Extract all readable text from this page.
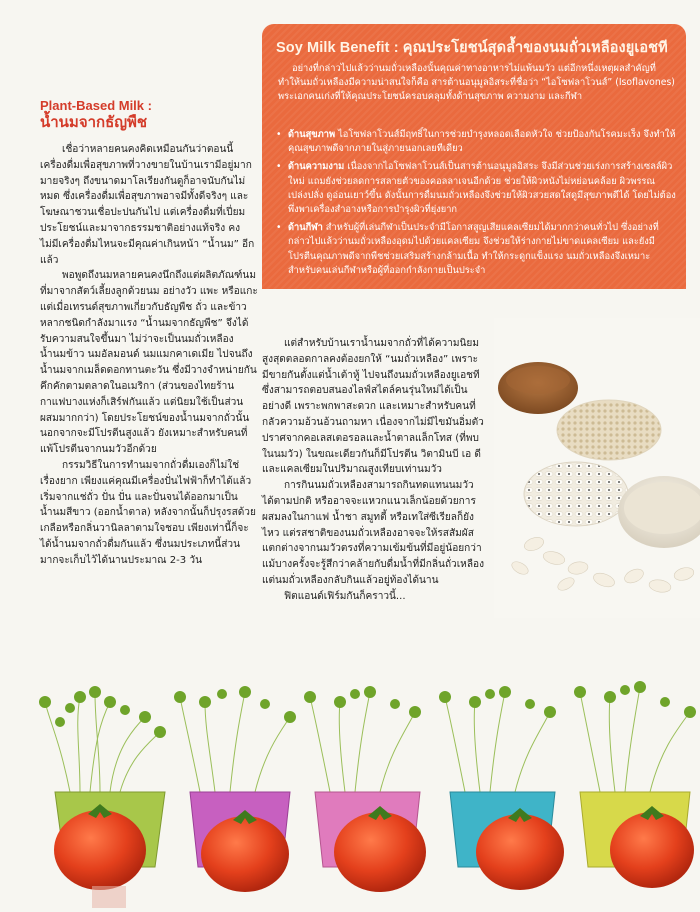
Plant-Based Milk :
น้ำนมจากธัญพืช

เชื่อว่าหลายคนคงคิดเหมือนกันว่าตอนนี้เครื่องดื่มเพื่อสุขภาพที่วางขายในบ้านเรามีอยู่มากมายจริงๆ ถึงขนาดมาโลเรียงกันดูก็อาจนับกันไม่หมด ซึ่งเครื่องดื่มเพื่อสุขภาพอาจมีทั้งดีจริงๆ และโฆษณาชวนเชื่อปะปนกันไป แต่เครื่องดื่มที่เปี่ยมประโยชน์และมาจากธรรมชาติอย่างแท้จริง คงไม่มีเครื่องดื่มไหนจะมีคุณค่าเกินหน้า “น้ำนม” อีกแล้ว

พอพูดถึงนมหลายคนคงนึกถึงแต่ผลิตภัณฑ์นมที่มาจากสัตว์เลี้ยงลูกด้วยนม อย่างวัว แพะ หรือแกะ แต่เมื่อเทรนด์สุขภาพเกี่ยวกับธัญพืช ถั่ว และข้าวหลากชนิดกำลังมาแรง “น้ำนมจากธัญพืช” จึงได้รับความสนใจขึ้นมา ไม่ว่าจะเป็นนมถั่วเหลือง น้ำนมข้าว นมอัลมอนด์ นมแมกคาเดเมีย ไปจนถึงน้ำนมจากเมล็ดดอกทานตะวัน ซึ่งมีวางจำหน่ายกันคึกคักตามตลาดในอเมริกา (ส่วนของไทยร้านกาแฟบางแห่งก็เสิร์ฟกันแล้ว แต่นิยมใช้เป็นส่วนผสมมากกว่า) โดยประโยชน์ของน้ำนมจากถั่วนั้นนอกจากจะมีโปรตีนสูงแล้ว ยังเหมาะสำหรับคนที่แพ้โปรตีนจากนมวัวอีกด้วย

กรรมวิธีในการทำนมจากถั่วดื่มเองก็ไม่ใช่เรื่องยาก เพียงแค่คุณมีเครื่องปั่นไฟฟ้าก็ทำได้แล้ว เริ่มจากแช่ถั่ว ปั่น ปั่น และปั่นจนได้ออกมาเป็นน้ำนมสีขาว (ออกน้ำตาล) หลังจากนั้นก็ปรุงรสด้วยเกลือหรือกลิ่นวานิลลาตามใจชอบ เพียงเท่านี้ก็จะได้น้ำนมจากถั่วดื่มกันแล้ว ซึ่งนมประเภทนี้ส่วนมากจะเก็บไว้ได้นานประมาณ 2-3 วัน

Soy Milk Benefit : คุณประโยชน์สุดล้ำของนมถั่วเหลืองยูเอชที
อย่างที่กล่าวไปแล้วว่านมถั่วเหลืองนั้นคุณค่าทางอาหารไม่แพ้นมวัว แต่อีกหนึ่งเหตุผลสำคัญที่ทำให้นมถั่วเหลืองมีความน่าสนใจก็คือ สารต้านอนุมูลอิสระที่ชื่อว่า “ไอโซฟลาโวนส์” (Isoflavones) พระเอกคนเก่งที่ให้คุณประโยชน์ครอบคลุมทั้งด้านสุขภาพ ความงาม และกีฬา
• ด้านสุขภาพ ไอโซฟลาโวนส์มีฤทธิ์ในการช่วยบำรุงหลอดเลือดหัวใจ ช่วยป้องกันโรคมะเร็ง จึงทำให้คุณสุขภาพดีจากภายในสู่ภายนอกเลยทีเดียว
• ด้านความงาม เนื่องจากไอโซฟลาโวนส์เป็นสารต้านอนุมูลอิสระ จึงมีส่วนช่วยเร่งการสร้างเซลล์ผิวใหม่ แถมยังช่วยลดการสลายตัวของคอลลาเจนอีกด้วย ช่วยให้ผิวหนังไม่หย่อนคล้อย ผิวพรรณเปล่งปลั่ง ดูอ่อนเยาว์ขึ้น ดังนั้นการดื่มนมถั่วเหลืองจึงช่วยให้ผิวสวยสดใสดูมีสุขภาพดีได้ โดยไม่ต้องพึ่งพาเครื่องสำอางหรือการบำรุงผิวที่ยุ่งยาก
• ด้านกีฬา สำหรับผู้ที่เล่นกีฬาเป็นประจำมีโอกาสสูญเสียแคลเซียมได้มากกว่าคนทั่วไป ซึ่งอย่างที่กล่าวไปแล้วว่านมถั่วเหลืองอุดมไปด้วยแคลเซียม จึงช่วยให้ร่างกายไม่ขาดแคลเซียม และยังมีโปรตีนคุณภาพดีจากพืชช่วยเสริมสร้างกล้ามเนื้อ ทำให้กระดูกแข็งแรง นมถั่วเหลืองจึงเหมาะสำหรับคนเล่นกีฬาหรือผู้ที่ออกกำลังกายเป็นประจำ

แต่สำหรับบ้านเราน้ำนมจากถั่วที่ได้ความนิยมสูงสุดตลอดกาลคงต้องยกให้ “นมถั่วเหลือง” เพราะมีขายกันตั้งแต่น้ำเต้าหู้ ไปจนถึงนมถั่วเหลืองยูเอชทีซึ่งสามารถตอบสนองไลฟ์สไตล์คนรุ่นใหม่ได้เป็นอย่างดี เพราะพกพาสะดวก และเหมาะสำหรับคนที่กลัวความอ้วนอ้วนถามหา เนื่องจากไม่มีไขมันอิ่มตัว ปราศจากคอเลสเตอรอลและน้ำตาลแล็กโทส (ที่พบในนมวัว) ในขณะเดียวกันก็มีโปรตีน วิตามินบี เอ ดี และแคลเซียมในปริมาณสูงเทียบเท่านมวัว

การกินนมถั่วเหลืองสามารถกินทดแทนนมวัวได้ตามปกติ หรืออาจจะแหวกแนวเล็กน้อยด้วยการผสมลงในกาแฟ น้ำชา สมูทตี้ หรือเทใส่ซีเรียลก็ยังไหว แต่รสชาติของนมถั่วเหลืองอาจจะให้รสสัมผัสแตกต่างจากนมวัวตรงที่ความเข้มข้นที่มีอยู่น้อยกว่า แม้บางครั้งจะรู้สึกว่าคล้ายกับดื่มน้ำที่มีกลิ่นถั่วเหลือง แต่นมถั่วเหลืองกลับกินแล้วอยู่ท้องได้นาน

ฟิตแอนด์เฟิร์มกันก็คราวนี้...
